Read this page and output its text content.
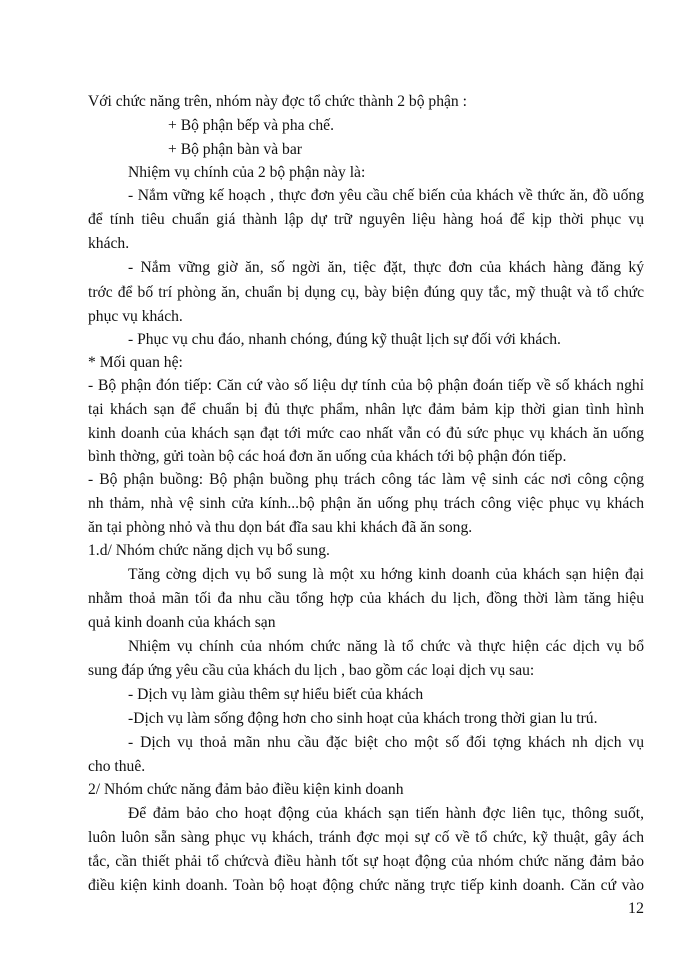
Với chức năng trên, nhóm này đợc tổ chức thành 2 bộ phận :
+ Bộ phận bếp và pha chế.
+ Bộ phận bàn và bar
Nhiệm vụ chính của 2 bộ phận này là:
- Nắm vững kế hoạch , thực đơn yêu cầu chế biến của khách về thức ăn, đồ uống
để tính tiêu chuẩn giá thành lập dự trữ nguyên liệu hàng hoá để kịp thời phục vụ
khách.
- Nắm vững giờ ăn, số ngời ăn, tiệc đặt, thực đơn của khách hàng đăng ký
trớc để bố trí phòng ăn, chuẩn bị dụng cụ, bày biện đúng quy tắc, mỹ thuật và tổ chức
phục vụ khách.
- Phục vụ chu đáo, nhanh chóng, đúng kỹ thuật lịch sự đối với khách.
* Mối quan hệ:
- Bộ phận đón tiếp: Căn cứ vào số liệu dự tính của bộ phận đoán tiếp về số khách nghỉ
tại khách sạn để chuẩn bị đủ thực phẩm, nhân lực đảm bảm kịp thời gian tình hình
kinh doanh của khách sạn đạt tới mức cao nhất vẫn có đủ sức phục vụ khách ăn uống
bình thờng, gửi toàn bộ các hoá đơn ăn uống của khách tới bộ phận đón tiếp.
- Bộ phận buồng: Bộ phận buồng phụ trách công tác làm vệ sinh các nơi công cộng
nh thảm, nhà vệ sinh cửa kính...bộ phận ăn uống phụ trách công việc phục vụ khách
ăn tại phòng nhỏ và thu dọn bát đĩa sau khi khách đã ăn song.
1.d/ Nhóm chức năng dịch vụ bổ sung.
Tăng cờng dịch vụ bổ sung là một xu hớng kinh doanh của khách sạn hiện đại
nhằm thoả mãn tối đa nhu cầu tổng hợp của khách du lịch, đồng thời làm tăng hiệu
quả kinh doanh của khách sạn
Nhiệm vụ chính của nhóm chức năng là tổ chức và thực hiện các dịch vụ bổ
sung đáp ứng yêu cầu của khách du lịch , bao gồm các loại dịch vụ sau:
- Dịch vụ làm giàu thêm sự hiểu biết của khách
-Dịch vụ làm sống động hơn cho sinh hoạt của khách trong thời gian lu trú.
- Dịch vụ thoả mãn nhu cầu đặc biệt cho một số đối tợng khách nh dịch vụ
cho thuê.
2/ Nhóm chức năng đảm bảo điều kiện kinh doanh
Để đảm bảo cho hoạt động của khách sạn tiến hành đợc liên tục, thông suốt,
luôn luôn sẵn sàng phục vụ khách, tránh đợc mọi sự cố về tổ chức, kỹ thuật, gây ách
tắc, cần thiết phải tổ chứcvà điều hành tốt sự hoạt động của nhóm chức năng đảm bảo
điều kiện kinh doanh. Toàn bộ hoạt động chức năng trực tiếp kinh doanh. Căn cứ vào
12
